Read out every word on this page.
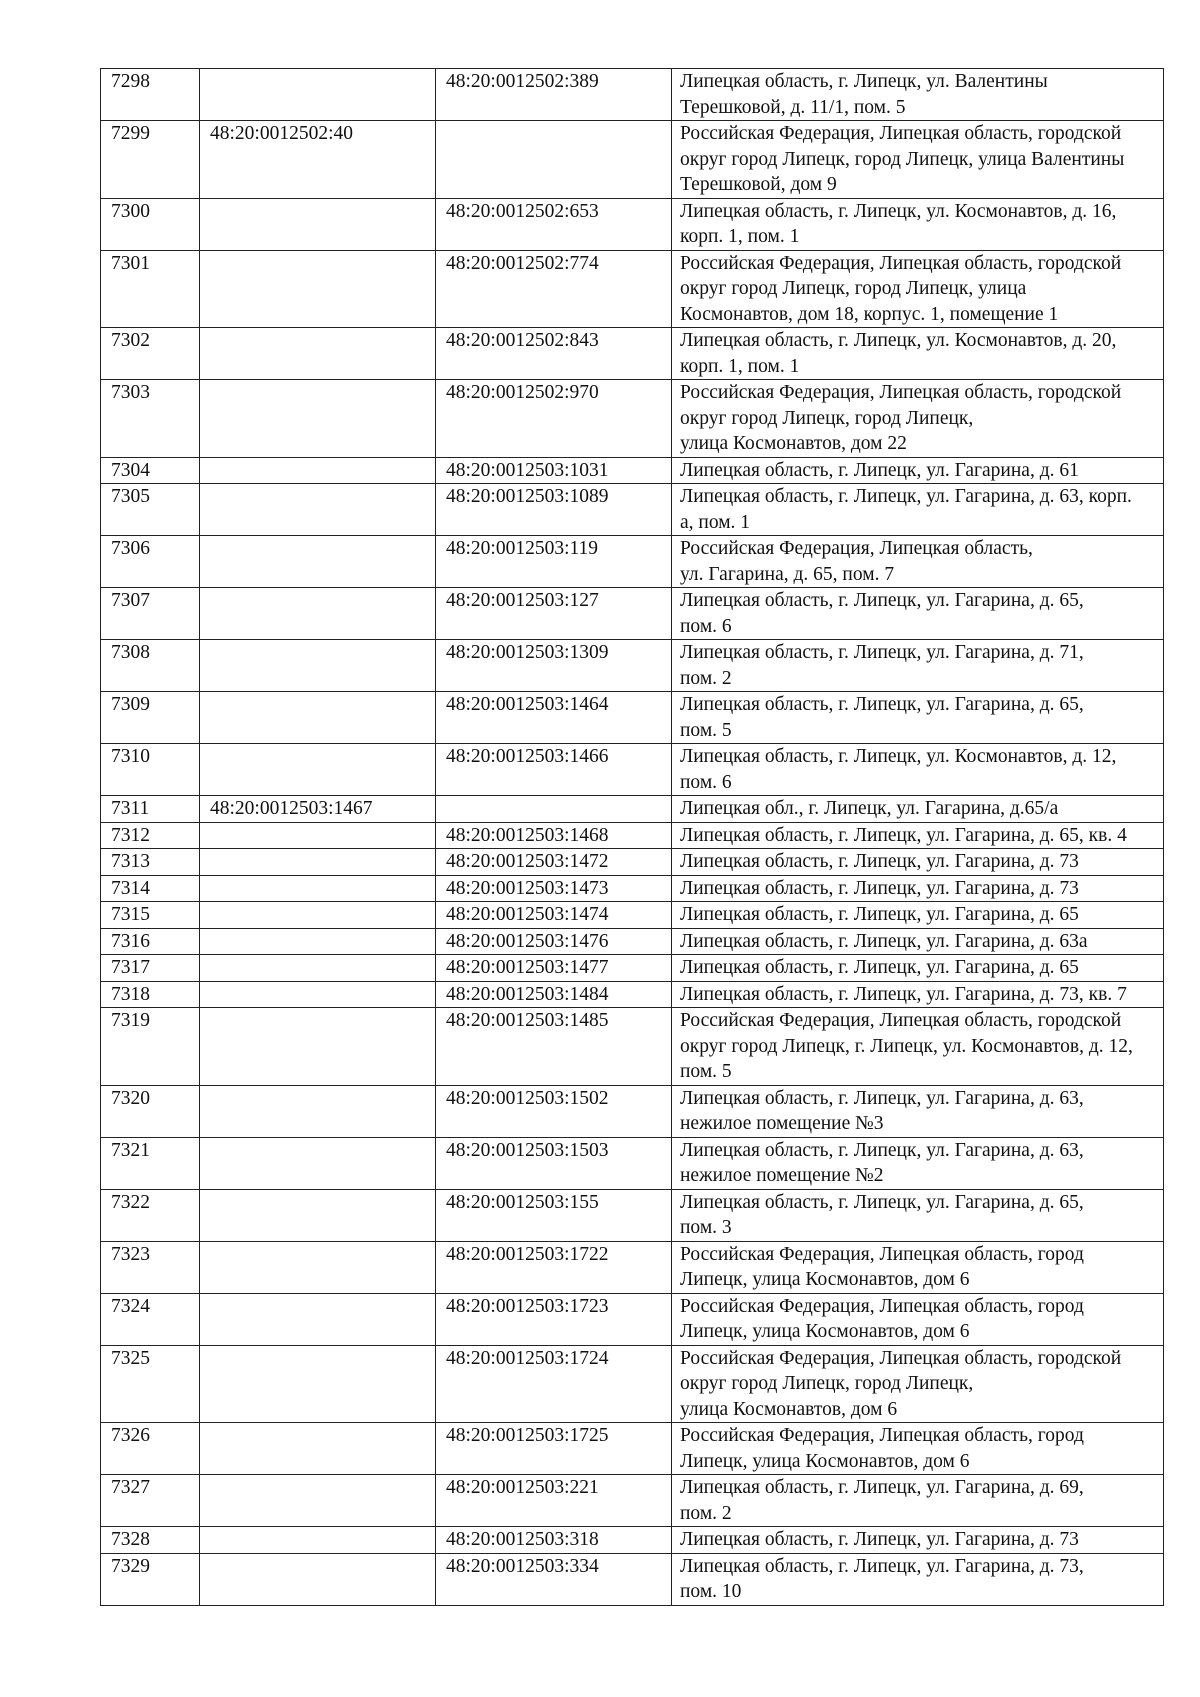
7298		48:20:0012502:389	Липецкая область, г. Липецк, ул. Валентины
Терешковой, д. 11/1, пом. 5

7299	48:20:0012502:40		Российская Федерация, Липецкая область, городской
округ город Липецк, город Липецк, улица Валентины
Терешковой, дом 9

7300		48:20:0012502:653	Липецкая область, г. Липецк, ул. Космонавтов, д. 16,
корп. 1, пом. 1

7301		48:20:0012502:774	Российская Федерация, Липецкая область, городской
округ город Липецк, город Липецк, улица
Космонавтов, дом 18, корпус. 1, помещение 1

7302		48:20:0012502:843	Липецкая область, г. Липецк, ул. Космонавтов, д. 20,
корп. 1, пом. 1

7303		48:20:0012502:970	Российская Федерация, Липецкая область, городской
округ город Липецк, город Липецк,
улица Космонавтов, дом 22

7304		48:20:0012503:1031	Липецкая область, г. Липецк, ул. Гагарина, д. 61

7305		48:20:0012503:1089	Липецкая область, г. Липецк, ул. Гагарина, д. 63, корп.
а, пом. 1

7306		48:20:0012503:119	Российская Федерация, Липецкая область,
ул. Гагарина, д. 65, пом. 7

7307		48:20:0012503:127	Липецкая область, г. Липецк, ул. Гагарина, д. 65,
пом. 6

7308		48:20:0012503:1309	Липецкая область, г. Липецк, ул. Гагарина, д. 71,
пом. 2

7309		48:20:0012503:1464	Липецкая область, г. Липецк, ул. Гагарина, д. 65,
пом. 5

7310		48:20:0012503:1466	Липецкая область, г. Липецк, ул. Космонавтов, д. 12,
пом. 6

7311	48:20:0012503:1467		Липецкая обл., г. Липецк, ул. Гагарина, д.65/а

7312		48:20:0012503:1468	Липецкая область, г. Липецк, ул. Гагарина, д. 65, кв. 4

7313		48:20:0012503:1472	Липецкая область, г. Липецк, ул. Гагарина, д. 73

7314		48:20:0012503:1473	Липецкая область, г. Липецк, ул. Гагарина, д. 73

7315		48:20:0012503:1474	Липецкая область, г. Липецк, ул. Гагарина, д. 65

7316		48:20:0012503:1476	Липецкая область, г. Липецк, ул. Гагарина, д. 63а

7317		48:20:0012503:1477	Липецкая область, г. Липецк, ул. Гагарина, д. 65

7318		48:20:0012503:1484	Липецкая область, г. Липецк, ул. Гагарина, д. 73, кв. 7

7319		48:20:0012503:1485	Российская Федерация, Липецкая область, городской
округ город Липецк, г. Липецк, ул. Космонавтов, д. 12,
пом. 5

7320		48:20:0012503:1502	Липецкая область, г. Липецк, ул. Гагарина, д. 63,
нежилое помещение №3

7321		48:20:0012503:1503	Липецкая область, г. Липецк, ул. Гагарина, д. 63,
нежилое помещение №2

7322		48:20:0012503:155	Липецкая область, г. Липецк, ул. Гагарина, д. 65,
пом. 3

7323		48:20:0012503:1722	Российская Федерация, Липецкая область, город
Липецк, улица Космонавтов, дом 6

7324		48:20:0012503:1723	Российская Федерация, Липецкая область, город
Липецк, улица Космонавтов, дом 6

7325		48:20:0012503:1724	Российская Федерация, Липецкая область, городской
округ город Липецк, город Липецк,
улица Космонавтов, дом 6

7326		48:20:0012503:1725	Российская Федерация, Липецкая область, город
Липецк, улица Космонавтов, дом 6

7327		48:20:0012503:221	Липецкая область, г. Липецк, ул. Гагарина, д. 69,
пом. 2

7328		48:20:0012503:318	Липецкая область, г. Липецк, ул. Гагарина, д. 73

7329		48:20:0012503:334	Липецкая область, г. Липецк, ул. Гагарина, д. 73,
пом. 10
